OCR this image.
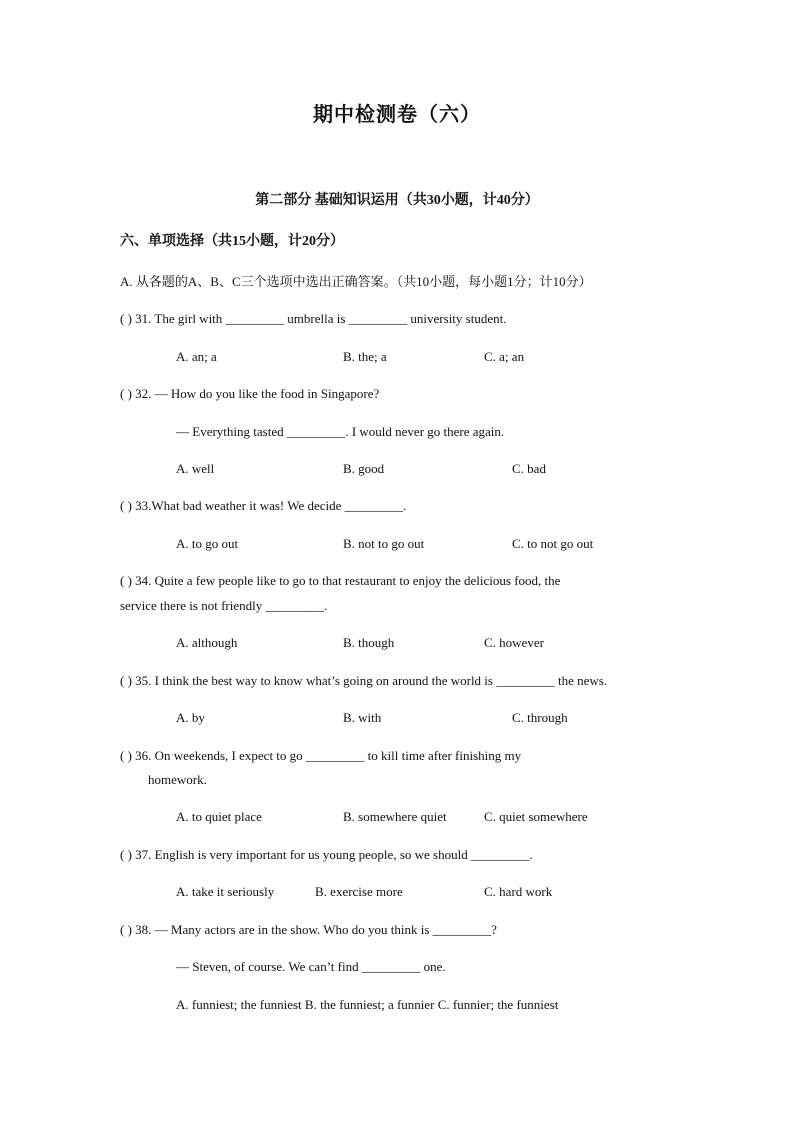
期中检测卷（六）
第二部分 基础知识运用（共30小题，计40分）
六、单项选择（共15小题，计20分）
A. 从各题的A、B、C三个选项中选出正确答案。（共10小题，每小题1分；计10分）
( ) 31. The girl with _________ umbrella is _________ university student.
A. an; a	B. the; a	C. a; an
( ) 32. — How do you like the food in Singapore?
— Everything tasted _________. I would never go there again.
A. well	B. good	C. bad
( ) 33.What bad weather it was! We decide _________.
A. to go out	B. not to go out	C. to not go out
( ) 34. Quite a few people like to go to that restaurant to enjoy the delicious food, the
service there is not friendly _________.
A. although	B. though	C. however
( ) 35. I think the best way to know what’s going on around the world is _________ the news.
A. by	B. with	C. through
( ) 36. On weekends, I expect to go _________ to kill time after finishing my
homework.
A. to quiet place	B. somewhere quiet	C. quiet somewhere
( ) 37. English is very important for us young people, so we should _________.
A. take it seriously	B. exercise more	C. hard work
( ) 38. — Many actors are in the show. Who do you think is _________?
— Steven, of course. We can’t find _________ one.
A. funniest; the funniest B. the funniest; a funnier C. funnier; the funniest
